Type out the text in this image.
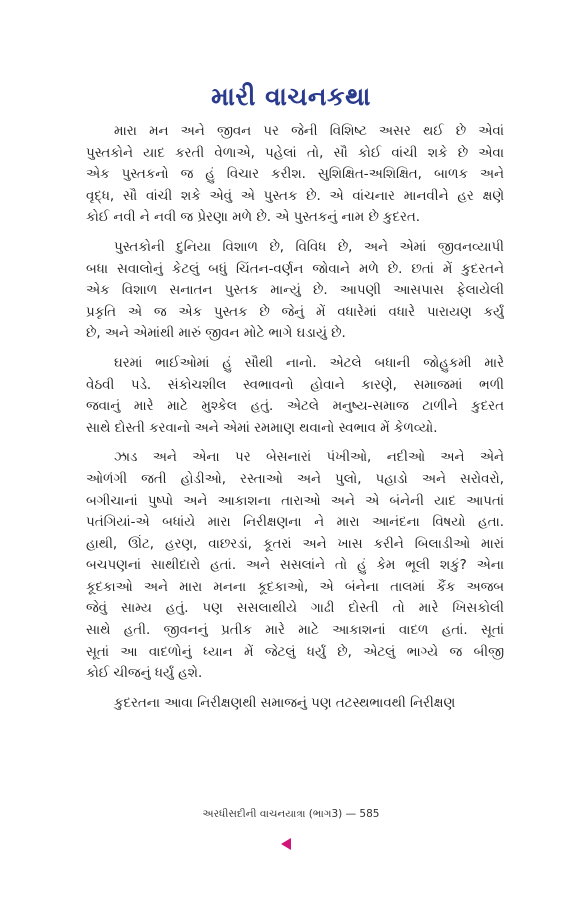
મારી વાચનકથા
મારા મન અને જીવન પર જેની વિશિષ્ટ અસર થઈ છે એવાં
પુસ્તકોને યાદ કરતી વેળાએ, પહેલાં તો, સૌ કોઈ વાંચી શકે છે એવા
એક પુસ્તકનો જ હું વિચાર કરીશ. સુશિક્ષિત-અશિક્ષિત, બાળક અને
વૃદ્ધ, સૌ વાંચી શકે એવું એ પુસ્તક છે. એ વાંચનાર માનવીને હર ક્ષણે
કોઈ નવી ને નવી જ પ્રેરણા મળે છે. એ પુસ્તકનું નામ છે કુદરત.
પુસ્તકોની દુનિયા વિશાળ છે, વિવિધ છે, અને એમાં જીવનવ્યાપી
બધા સવાલોનું કેટલું બધું ચિંતન-વર્ણન જોવાને મળે છે. છતાં મેં કુદરતને
એક વિશાળ સનાતન પુસ્તક માન્યું છે. આપણી આસપાસ ફેલાયેલી
પ્રકૃતિ એ જ એક પુસ્તક છે જેનું મેં વધારેમાં વધારે પારાયણ કર્યું
છે, અને એમાંથી મારું જીવન મોટે ભાગે ઘડાયું છે.
ઘરમાં ભાઈઓમાં હું સૌથી નાનો. એટલે બધાની જોહુકમી મારે
વેઠવી પડે. સંકોચશીલ સ્વભાવનો હોવાને કારણે, સમાજમાં ભળી
જવાનું મારે માટે મુશ્કેલ હતું. એટલે મનુષ્ય-સમાજ ટાળીને કુદરત
સાથે દોસ્તી કરવાનો અને એમાં રમમાણ થવાનો સ્વભાવ મેં કેળવ્યો.
ઝાડ અને એના પર બેસનારાં પંખીઓ, નદીઓ અને એને
ઓળંગી જતી હોડીઓ, રસ્તાઓ અને પુલો, પહાડો અને સરોવરો,
બગીચાનાં પુષ્પો અને આકાશના તારાઓ અને એ બંનેની યાદ આપતાં
પતંગિયાં-એ બધાંયે મારા નિરીક્ષણના ને મારા આનંદના વિષયો હતા.
હાથી, ઊંટ, હરણ, વાછરડાં, કૂતરાં અને ખાસ કરીને બિલાડીઓ મારાં
બચપણનાં સાથીદારો હતાં. અને સસલાંને તો હું કેમ ભૂલી શકું? એના
કૂદકાઓ અને મારા મનના કૂદકાઓ, એ બંનેના તાલમાં કૈંક અજબ
જેવું સામ્ય હતું. પણ સસલાથીયે ગાઢી દોસ્તી તો મારે ખિસકોલી
સાથે હતી. જીવનનું પ્રતીક મારે માટે આકાશનાં વાદળ હતાં. સૂતાં
સૂતાં આ વાદળોનું ધ્યાન મેં જેટલું ધર્યું છે, એટલું ભાગ્યે જ બીજી
કોઈ ચીજનું ધર્યું હશે.
કુદરતના આવા નિરીક્ષણથી સમાજનું પણ તટસ્થભાવથી નિરીક્ષણ
અરધીસદીની વાચનયાત્રા (ભાગ3) — 585
